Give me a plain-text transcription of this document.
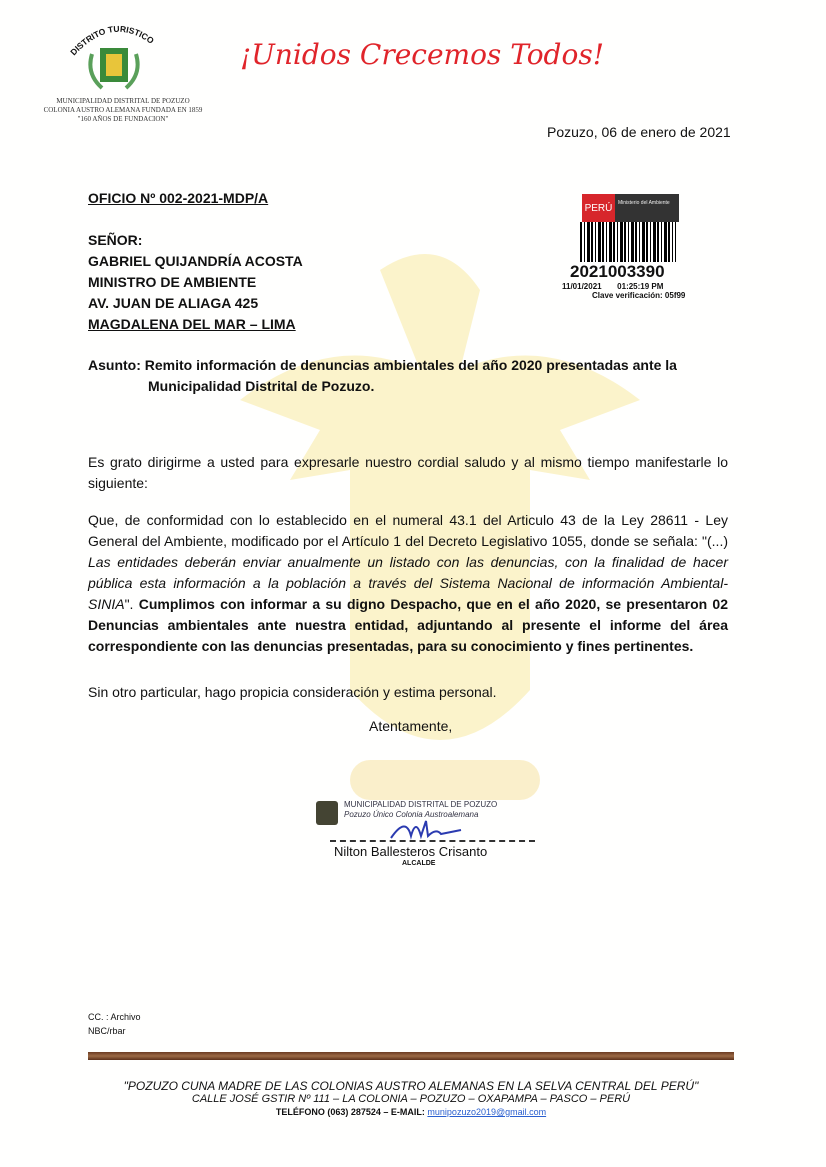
DISTRITO TURISTICO
MUNICIPALIDAD DISTRITAL DE POZUZO
COLONIA AUSTRO ALEMANA FUNDADA EN 1859
"160 AÑOS DE FUNDACION"
¡Unidos Crecemos Todos!
Pozuzo, 06 de enero de 2021
OFICIO Nº 002-2021-MDP/A
PERÚ	Ministerio del Ambiente
2021003390
11/01/2021 01:25:19 PM
Clave verificación: 05f99
SEÑOR:
GABRIEL QUIJANDRÍA ACOSTA
MINISTRO DE AMBIENTE
AV. JUAN DE ALIAGA 425
MAGDALENA DEL MAR – LIMA
Asunto: Remito información de denuncias ambientales del año 2020 presentadas ante la
Municipalidad Distrital de Pozuzo.
Es grato dirigirme a usted para expresarle nuestro cordial saludo y al mismo tiempo manifestarle lo siguiente:
Que, de conformidad con lo establecido en el numeral 43.1 del Articulo 43 de la Ley 28611 - Ley General del Ambiente, modificado por el Artículo 1 del Decreto Legislativo 1055, donde se señala: "(...) Las entidades deberán enviar anualmente un listado con las denuncias, con la finalidad de hacer pública esta información a la población a través del Sistema Nacional de información Ambiental- SINIA". Cumplimos con informar a su digno Despacho, que en el año 2020, se presentaron 02 Denuncias ambientales ante nuestra entidad, adjuntando al presente el informe del área correspondiente con las denuncias presentadas, para su conocimiento y fines pertinentes.
Sin otro particular, hago propicia consideración y estima personal.
Atentamente,
MUNICIPALIDAD DISTRITAL DE POZUZO
Pozuzo Único Colonia Austroalemana
Nilton Ballesteros Crisanto
ALCALDE
CC. : Archivo
NBC/rbar
"POZUZO CUNA MADRE DE LAS COLONIAS AUSTRO ALEMANAS EN LA SELVA CENTRAL DEL PERÚ"
CALLE JOSÉ GSTIR Nº 111 – LA COLONIA – POZUZO – OXAPAMPA – PASCO – PERÚ
TELÉFONO (063) 287524 – E-MAIL: munipozuzo2019@gmail.com
